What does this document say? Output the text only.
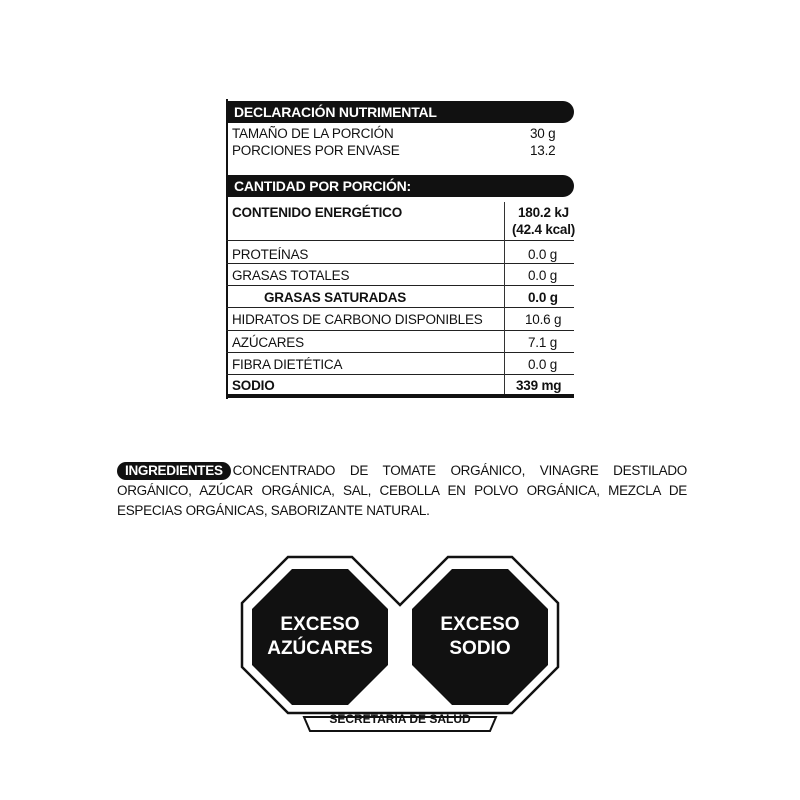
DECLARACIÓN NUTRIMENTAL
TAMAÑO DE LA PORCIÓN	30 g
PORCIONES POR ENVASE	13.2
CANTIDAD POR PORCIÓN:
CONTENIDO ENERGÉTICO	180.2 kJ
(42.4 kcal)
PROTEÍNAS	0.0 g
GRASAS TOTALES	0.0 g
GRASAS SATURADAS	0.0 g
HIDRATOS DE CARBONO DISPONIBLES	10.6 g
AZÚCARES	7.1 g
FIBRA DIETÉTICA	0.0 g
SODIO	339 mg
INGREDIENTES CONCENTRADO DE TOMATE ORGÁNICO, VINAGRE DESTILADO ORGÁNICO, AZÚCAR ORGÁNICA, SAL, CEBOLLA EN POLVO ORGÁNICA, MEZCLA DE ESPECIAS ORGÁNICAS, SABORIZANTE NATURAL.
EXCESO
AZÚCARES
EXCESO
SODIO
SECRETARÍA DE SALUD
